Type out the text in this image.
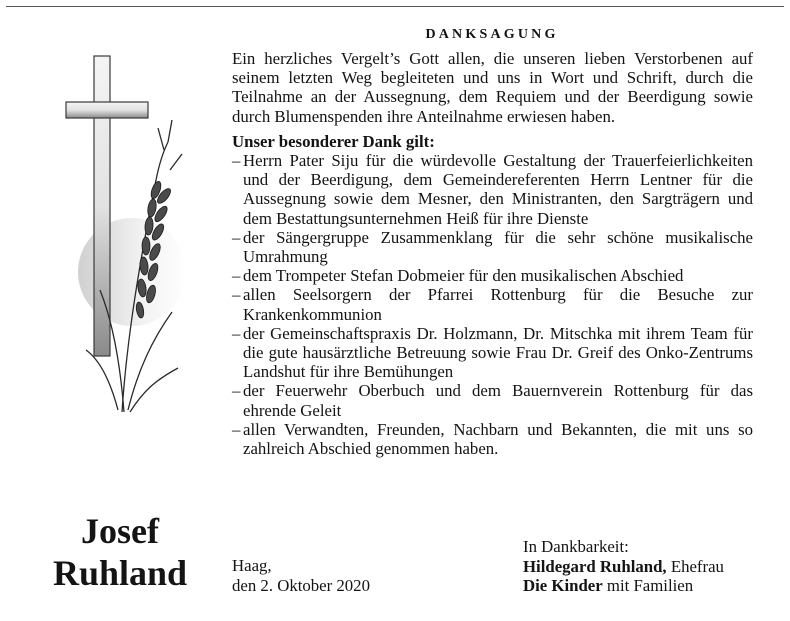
DANKSAGUNG

Ein herzliches Vergelt’s Gott allen, die unseren lieben Verstorbenen auf seinem letzten Weg begleiteten und uns in Wort und Schrift, durch die Teilnahme an der Aussegnung, dem Requiem und der Beerdigung sowie durch Blumenspenden ihre Anteilnahme erwiesen haben.

Unser besonderer Dank gilt:
– Herrn Pater Siju für die würdevolle Gestaltung der Trauerfeierlichkeiten und der Beerdigung, dem Gemeindereferenten Herrn Lentner für die Aussegnung sowie dem Mesner, den Ministranten, den Sargträgern und dem Bestattungsunternehmen Heiß für ihre Dienste
– der Sängergruppe Zusammenklang für die sehr schöne musikalische Umrahmung
– dem Trompeter Stefan Dobmeier für den musikalischen Abschied
– allen Seelsorgern der Pfarrei Rottenburg für die Besuche zur Krankenkommunion
– der Gemeinschaftspraxis Dr. Holzmann, Dr. Mitschka mit ihrem Team für die gute hausärztliche Betreuung sowie Frau Dr. Greif des Onko-Zentrums Landshut für ihre Bemühungen
– der Feuerwehr Oberbuch und dem Bauernverein Rottenburg für das ehrende Geleit
– allen Verwandten, Freunden, Nachbarn und Bekannten, die mit uns so zahlreich Abschied genommen haben.
Josef
Ruhland	Haag,
den 2. Oktober 2020
In Dankbarkeit:
Hildegard Ruhland, Ehefrau
Die Kinder mit Familien
